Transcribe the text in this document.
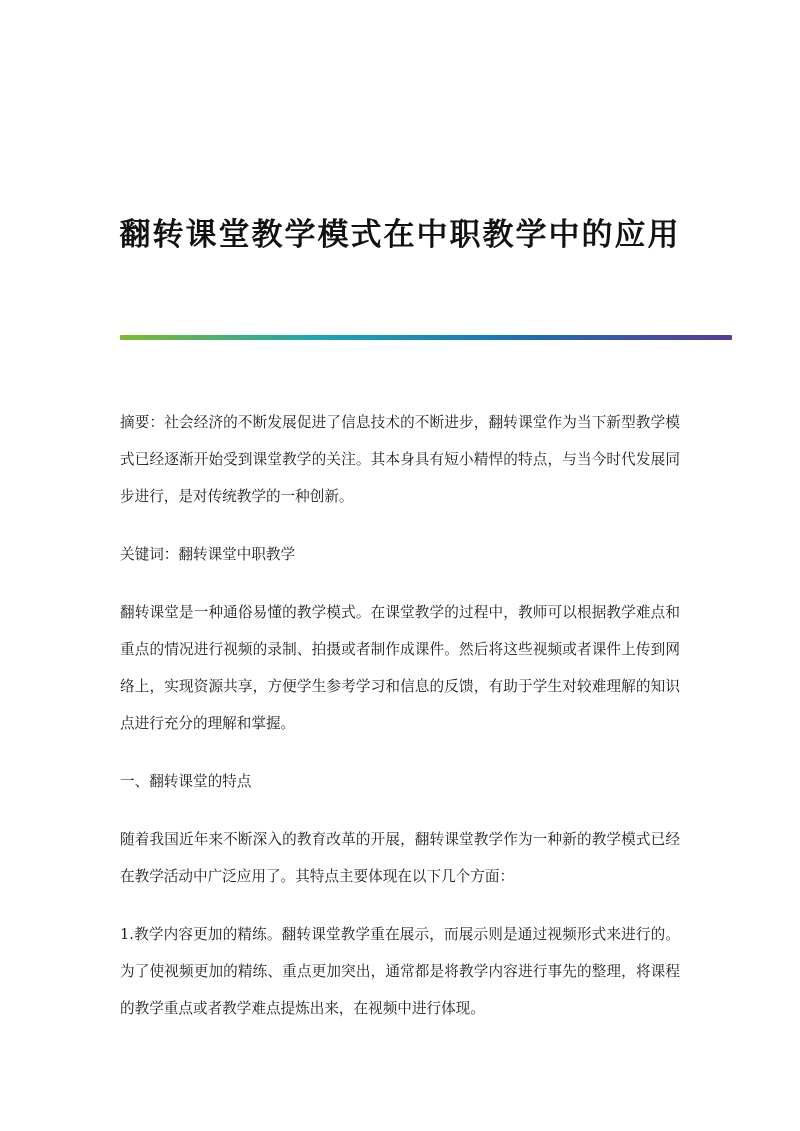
翻转课堂教学模式在中职教学中的应用

摘要：社会经济的不断发展促进了信息技术的不断进步，翻转课堂作为当下新型教学模式已经逐渐开始受到课堂教学的关注。其本身具有短小精悍的特点，与当今时代发展同步进行，是对传统教学的一种创新。

关键词：翻转课堂中职教学

翻转课堂是一种通俗易懂的教学模式。在课堂教学的过程中，教师可以根据教学难点和重点的情况进行视频的录制、拍摄或者制作成课件。然后将这些视频或者课件上传到网络上，实现资源共享，方便学生参考学习和信息的反馈，有助于学生对较难理解的知识点进行充分的理解和掌握。

一、翻转课堂的特点

随着我国近年来不断深入的教育改革的开展，翻转课堂教学作为一种新的教学模式已经在教学活动中广泛应用了。其特点主要体现在以下几个方面：

1.教学内容更加的精练。翻转课堂教学重在展示，而展示则是通过视频形式来进行的。为了使视频更加的精练、重点更加突出，通常都是将教学内容进行事先的整理，将课程的教学重点或者教学难点提炼出来，在视频中进行体现。
